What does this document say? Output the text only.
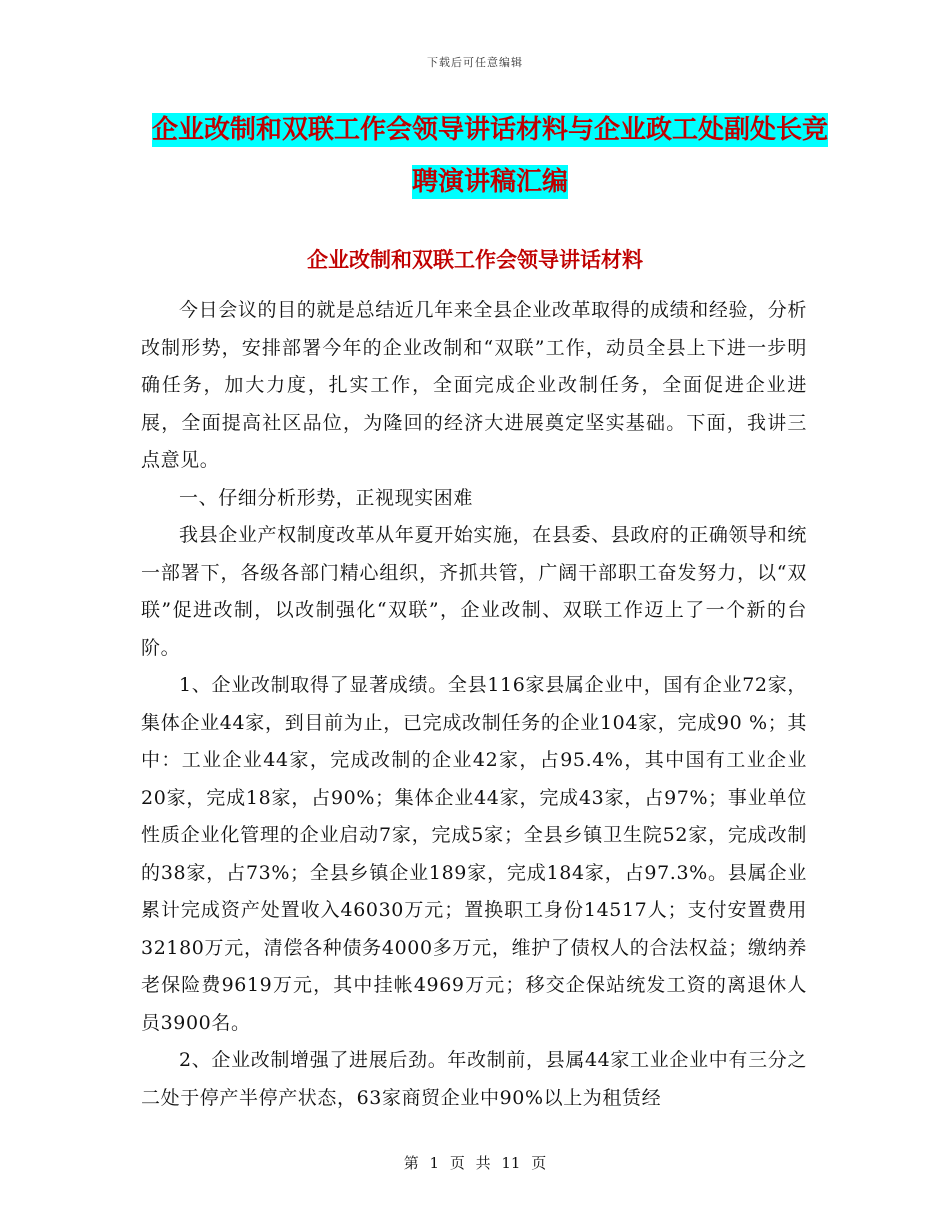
下载后可任意编辑
企业改制和双联工作会领导讲话材料与企业政工处副处长竞聘演讲稿汇编
企业改制和双联工作会领导讲话材料

今日会议的目的就是总结近几年来全县企业改革取得的成绩和经验，分析改制形势，安排部署今年的企业改制和“双联”工作，动员全县上下进一步明确任务，加大力度，扎实工作，全面完成企业改制任务，全面促进企业进展，全面提高社区品位，为隆回的经济大进展奠定坚实基础。下面，我讲三点意见。

一、仔细分析形势，正视现实困难

我县企业产权制度改革从年夏开始实施，在县委、县政府的正确领导和统一部署下，各级各部门精心组织，齐抓共管，广阔干部职工奋发努力，以“双联”促进改制，以改制强化“双联”，企业改制、双联工作迈上了一个新的台阶。

1、企业改制取得了显著成绩。全县116家县属企业中，国有企业72家，集体企业44家，到目前为止，已完成改制任务的企业104家，完成90 %；其中：工业企业44家，完成改制的企业42家，占95.4%，其中国有工业企业20家，完成18家，占90%；集体企业44家，完成43家，占97%；事业单位性质企业化管理的企业启动7家，完成5家；全县乡镇卫生院52家，完成改制的38家，占73%；全县乡镇企业189家，完成184家，占97.3%。县属企业累计完成资产处置收入46030万元；置换职工身份14517人；支付安置费用32180万元，清偿各种债务4000多万元，维护了债权人的合法权益；缴纳养老保险费9619万元，其中挂帐4969万元；移交企保站统发工资的离退休人员3900名。

2、企业改制增强了进展后劲。年改制前，县属44家工业企业中有三分之二处于停产半停产状态，63家商贸企业中90%以上为租赁经

第 1 页 共 11 页
